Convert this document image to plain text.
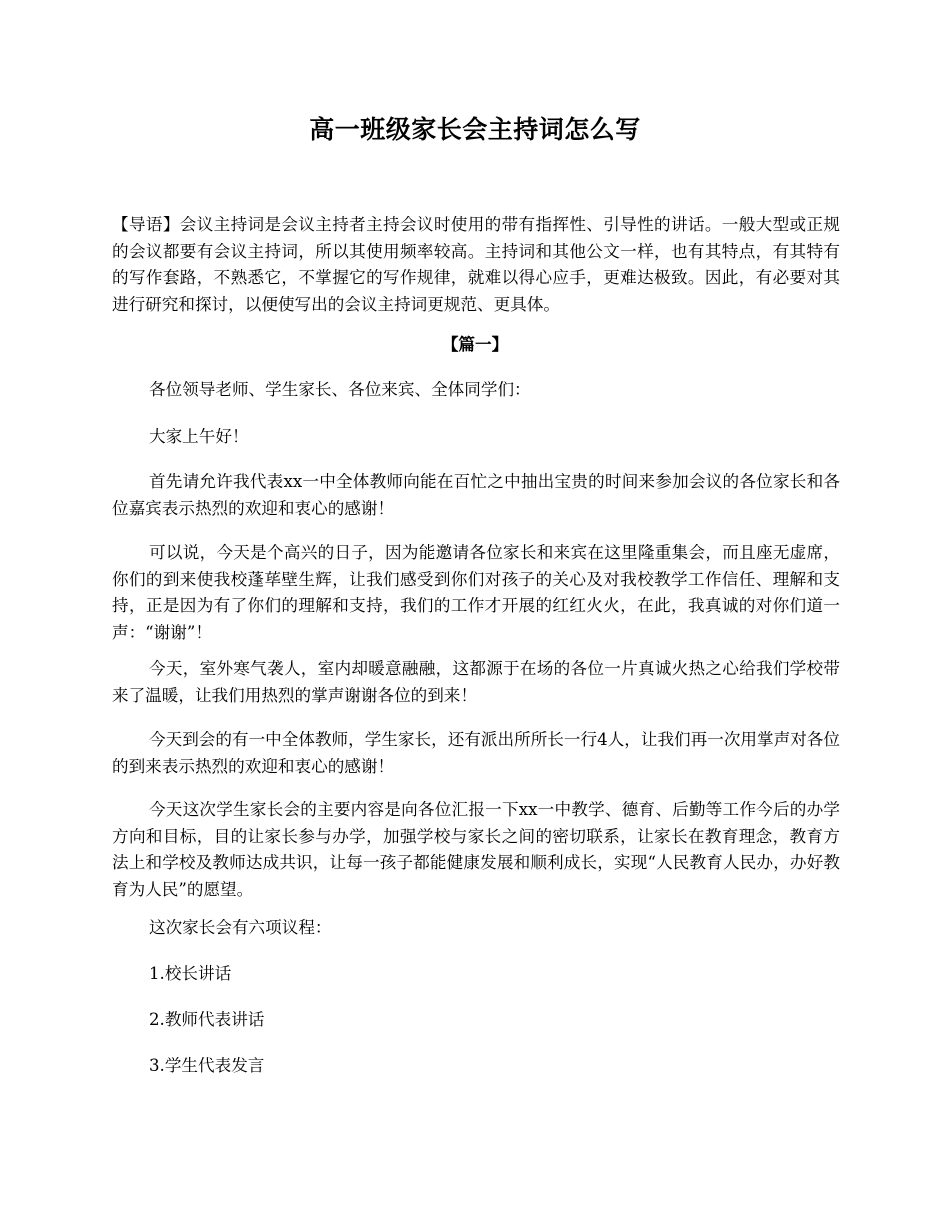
高一班级家长会主持词怎么写

【导语】会议主持词是会议主持者主持会议时使用的带有指挥性、引导性的讲话。一般大型或正规的会议都要有会议主持词，所以其使用频率较高。主持词和其他公文一样，也有其特点，有其特有的写作套路，不熟悉它，不掌握它的写作规律，就难以得心应手，更难达极致。因此，有必要对其进行研究和探讨，以便使写出的会议主持词更规范、更具体。

【篇一】

各位领导老师、学生家长、各位来宾、全体同学们：

大家上午好！

首先请允许我代表xx一中全体教师向能在百忙之中抽出宝贵的时间来参加会议的各位家长和各位嘉宾表示热烈的欢迎和衷心的感谢！

可以说，今天是个高兴的日子，因为能邀请各位家长和来宾在这里隆重集会，而且座无虚席，你们的到来使我校蓬荜壁生辉，让我们感受到你们对孩子的关心及对我校教学工作信任、理解和支持，正是因为有了你们的理解和支持，我们的工作才开展的红红火火，在此，我真诚的对你们道一声：“谢谢”！

今天，室外寒气袭人，室内却暖意融融，这都源于在场的各位一片真诚火热之心给我们学校带来了温暖，让我们用热烈的掌声谢谢各位的到来！

今天到会的有一中全体教师，学生家长，还有派出所所长一行4人，让我们再一次用掌声对各位的到来表示热烈的欢迎和衷心的感谢！

今天这次学生家长会的主要内容是向各位汇报一下xx一中教学、德育、后勤等工作今后的办学方向和目标，目的让家长参与办学，加强学校与家长之间的密切联系，让家长在教育理念，教育方法上和学校及教师达成共识，让每一孩子都能健康发展和顺利成长，实现“人民教育人民办，办好教育为人民”的愿望。

这次家长会有六项议程：

1.校长讲话

2.教师代表讲话

3.学生代表发言
